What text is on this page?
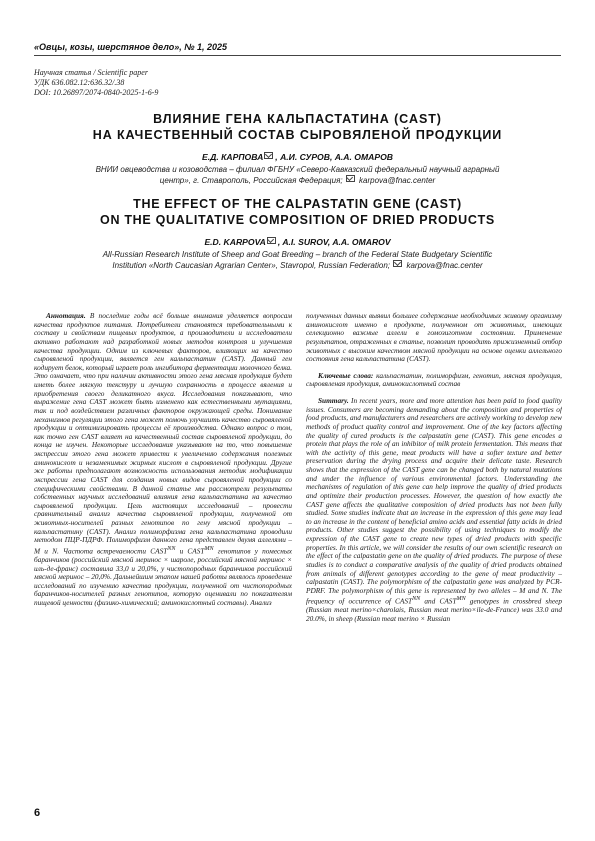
«Овцы, козы, шерстяное дело», № 1, 2025
Научная статья / Scientific paper
УДК 636.082.12:636.32/.38
DOI: 10.26897/2074-0840-2025-1-6-9
ВЛИЯНИЕ ГЕНА КАЛЬПАСТАТИНА (CAST)
НА КАЧЕСТВЕННЫЙ СОСТАВ СЫРОВЯЛЕНОЙ ПРОДУКЦИИ
Е.Д. КАРПОВА , А.И. СУРОВ, А.А. ОМАРОВ
ВНИИ овцеводства и козоводства – филиал ФГБНУ «Северо-Кавказский федеральный научный аграрный
центр», г. Ставрополь, Российская Федерация;  karpova@fnac.center
THE EFFECT OF THE CALPASTATIN GENE (CAST)
ON THE QUALITATIVE COMPOSITION OF DRIED PRODUCTS
E.D. KARPOVA , A.I. SUROV, A.A. OMAROV
All-Russian Research Institute of Sheep and Goat Breeding – branch of the Federal State Budgetary Scientific
Institution «North Caucasian Agrarian Center», Stavropol, Russian Federation;  karpova@fnac.center

Аннотация. В последние годы всё больше внимания уделяется вопросам качества продуктов питания. Потребители становятся требовательными к составу и свойствам пищевых продуктов, а производители и исследователи активно работают над разработкой новых методов контроля и улучшения качества продукции. Одним из ключевых факторов, влияющих на качество сыровяленой продукции, является ген кальпастатин (CAST). Данный ген кодирует белок, который играет роль ингибитора ферментации молочного белка. Это означает, что при наличии активности этого гена мясная продукция будет иметь более мягкую текстуру и лучшую сохранность в процессе вяления и приобретения своего деликатного вкуса. Исследования показывают, что выражение гена CAST может быть изменено как естественными мутациями, так и под воздействием различных факторов окружающей среды. Понимание механизмов регуляции этого гена может помочь улучшить качество сыровяленой продукции и оптимизировать процессы её производства. Однако вопрос о том, как точно ген CAST влияет на качественный состав сыровяленой продукции, до конца не изучен. Некоторые исследования указывают на то, что повышение экспрессии этого гена может привести к увеличению содержания полезных аминокислот и незаменимых жирных кислот в сыровяленой продукции. Другие же работы предполагают возможность использования методик модификации экспрессии гена CAST для создания новых видов сыровяленой продукции со специфическими свойствами. В данной статье мы рассмотрели результаты собственных научных исследований влияния гена кальпастатина на качество сыровяленой продукции. Цель настоящих исследований – провести сравнительный анализ качества сыровяленой продукции, полученной от животных-носителей разных генотипов по гену мясной продукции – кальпастатину (CAST). Анализ полиморфизма гена кальпастатина проводили методом ПЦР-ПДРФ. Полиморфизм данного гена представлен двумя аллелями – M и N. Частота встречаемости $CAST^{NN}$ и $CAST^{MN}$ генотипов у помесных баранчиков (российский мясной меринос × шароле, российский мясной меринос × иль-де-франс) составила 33,0 и 20,0%, у чистопородных баранчиков российский мясной меринос – 20,0%. Дальнейшим этапом нашей работы являлось проведение исследований по изучению качества продукции, полученной от чистопородных баранчиков-носителей разных генотипов, которую оценивали по показателям пищевой ценности (физико-химический; аминокислотный составы). Анализ

полученных данных выявил большее содержание необходимых живому организму аминокислот именно в продукте, полученном от животных, имеющих селекционно важные аллели в гомозиготном состоянии. Применение результатов, отраженных в статье, позволит проводить прижизненный отбор животных с высоким качеством мясной продукции на основе оценки аллельного состояния гена кальпастатина (CAST).

Ключевые слова: кальпастатин, полиморфизм, генотип, мясная продукция, сыровяленая продукция, аминокислотный состав

Summary. In recent years, more and more attention has been paid to food quality issues. Consumers are becoming demanding about the composition and properties of food products, and manufacturers and researchers are actively working to develop new methods of product quality control and improvement. One of the key factors affecting the quality of cured products is the calpastatin gene (CAST). This gene encodes a protein that plays the role of an inhibitor of milk protein fermentation. This means that with the activity of this gene, meat products will have a softer texture and better preservation during the drying process and acquire their delicate taste. Research shows that the expression of the CAST gene can be changed both by natural mutations and under the influence of various environmental factors. Understanding the mechanisms of regulation of this gene can help improve the quality of dried products and optimize their production processes. However, the question of how exactly the CAST gene affects the qualitative composition of dried products has not been fully studied. Some studies indicate that an increase in the expression of this gene may lead to an increase in the content of beneficial amino acids and essential fatty acids in dried products. Other studies suggest the possibility of using techniques to modify the expression of the CAST gene to create new types of dried products with specific properties. In this article, we will consider the results of our own scientific research on the effect of the calpastatin gene on the quality of dried products. The purpose of these studies is to conduct a comparative analysis of the quality of dried products obtained from animals of different genotypes according to the gene of meat productivity – calpastatin (CAST). The polymorphism of the calpastatin gene was analyzed by PCR-PDRF. The polymorphism of this gene is represented by two alleles – M and N. The frequency of occurrence of $CAST^{NN}$ and $CAST^{MN}$ genotypes in crossbred sheep (Russian meat merino×charolais, Russian meat merino×ile-de-France) was 33.0 and 20.0%, in sheep (Russian meat merino × Russian

6
